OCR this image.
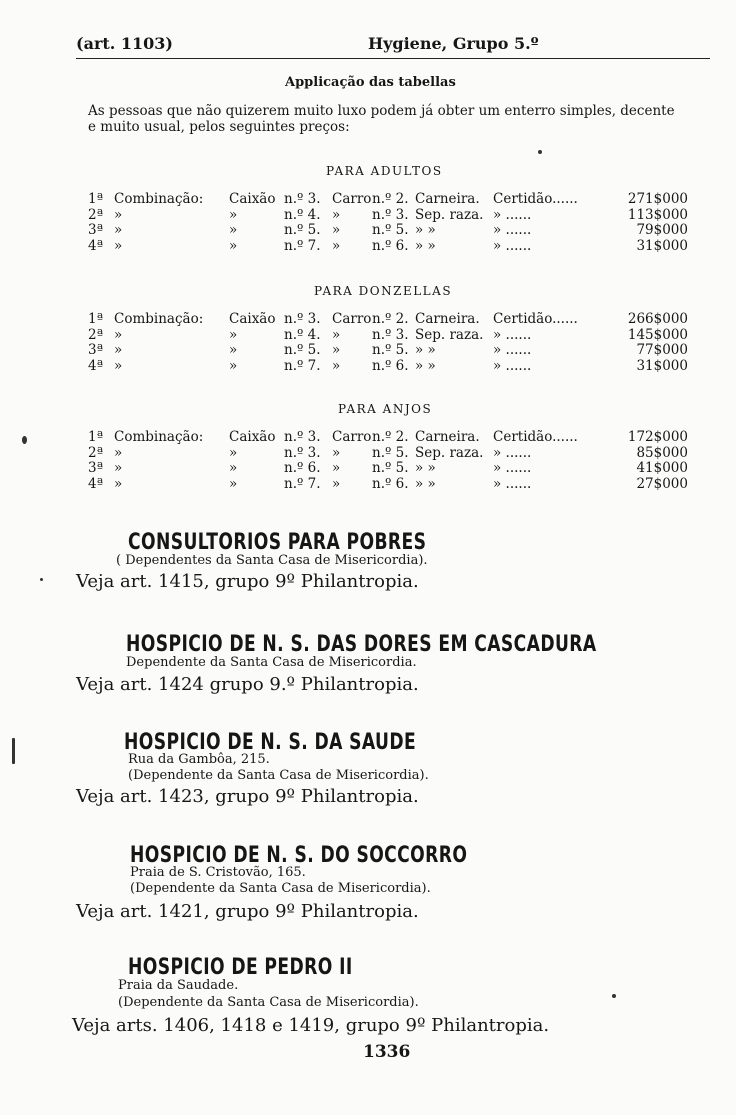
(art. 1103)	Hygiene, Grupo 5.º
Applicação das tabellas
As pessoas que não quizerem muito luxo podem já obter um enterro simples, decente
e muito usual, pelos seguintes preços:
PARA ADULTOS
1ª	Combinação:	Caixão	n.º 3.	Carro	n.º 2.	Carneira.	Certidão......	271$000
2ª	»	»	n.º 4.	»	n.º 3.	Sep. raza.	» ......	113$000
3ª	»	»	n.º 5.	»	n.º 5.	» »	» ......	79$000
4ª	»	»	n.º 7.	»	n.º 6.	» »	» ......	31$000
PARA DONZELLAS
1ª	Combinação:	Caixão	n.º 3.	Carro	n.º 2.	Carneira.	Certidão......	266$000
2ª	»	»	n.º 4.	»	n.º 3.	Sep. raza.	» ......	145$000
3ª	»	»	n.º 5.	»	n.º 5.	» »	» ......	77$000
4ª	»	»	n.º 7.	»	n.º 6.	» »	» ......	31$000
PARA ANJOS
1ª	Combinação:	Caixão	n.º 3.	Carro	n.º 2.	Carneira.	Certidão......	172$000
2ª	»	»	n.º 3.	»	n.º 5.	Sep. raza.	» ......	85$000
3ª	»	»	n.º 6.	»	n.º 5.	» »	» ......	41$000
4ª	»	»	n.º 7.	»	n.º 6.	» »	» ......	27$000
CONSULTORIOS PARA POBRES
( Dependentes da Santa Casa de Misericordia).
Veja art. 1415, grupo 9º Philantropia.
HOSPICIO DE N. S. DAS DORES EM CASCADURA
Dependente da Santa Casa de Misericordia.
Veja art. 1424 grupo 9.º Philantropia.
HOSPICIO DE N. S. DA SAUDE
Rua da Gambôa, 215.
(Dependente da Santa Casa de Misericordia).
Veja art. 1423, grupo 9º Philantropia.
HOSPICIO DE N. S. DO SOCCORRO
Praia de S. Cristovão, 165.
(Dependente da Santa Casa de Misericordia).
Veja art. 1421, grupo 9º Philantropia.
HOSPICIO DE PEDRO II
Praia da Saudade.
(Dependente da Santa Casa de Misericordia).
Veja arts. 1406, 1418 e 1419, grupo 9º Philantropia.
1336
